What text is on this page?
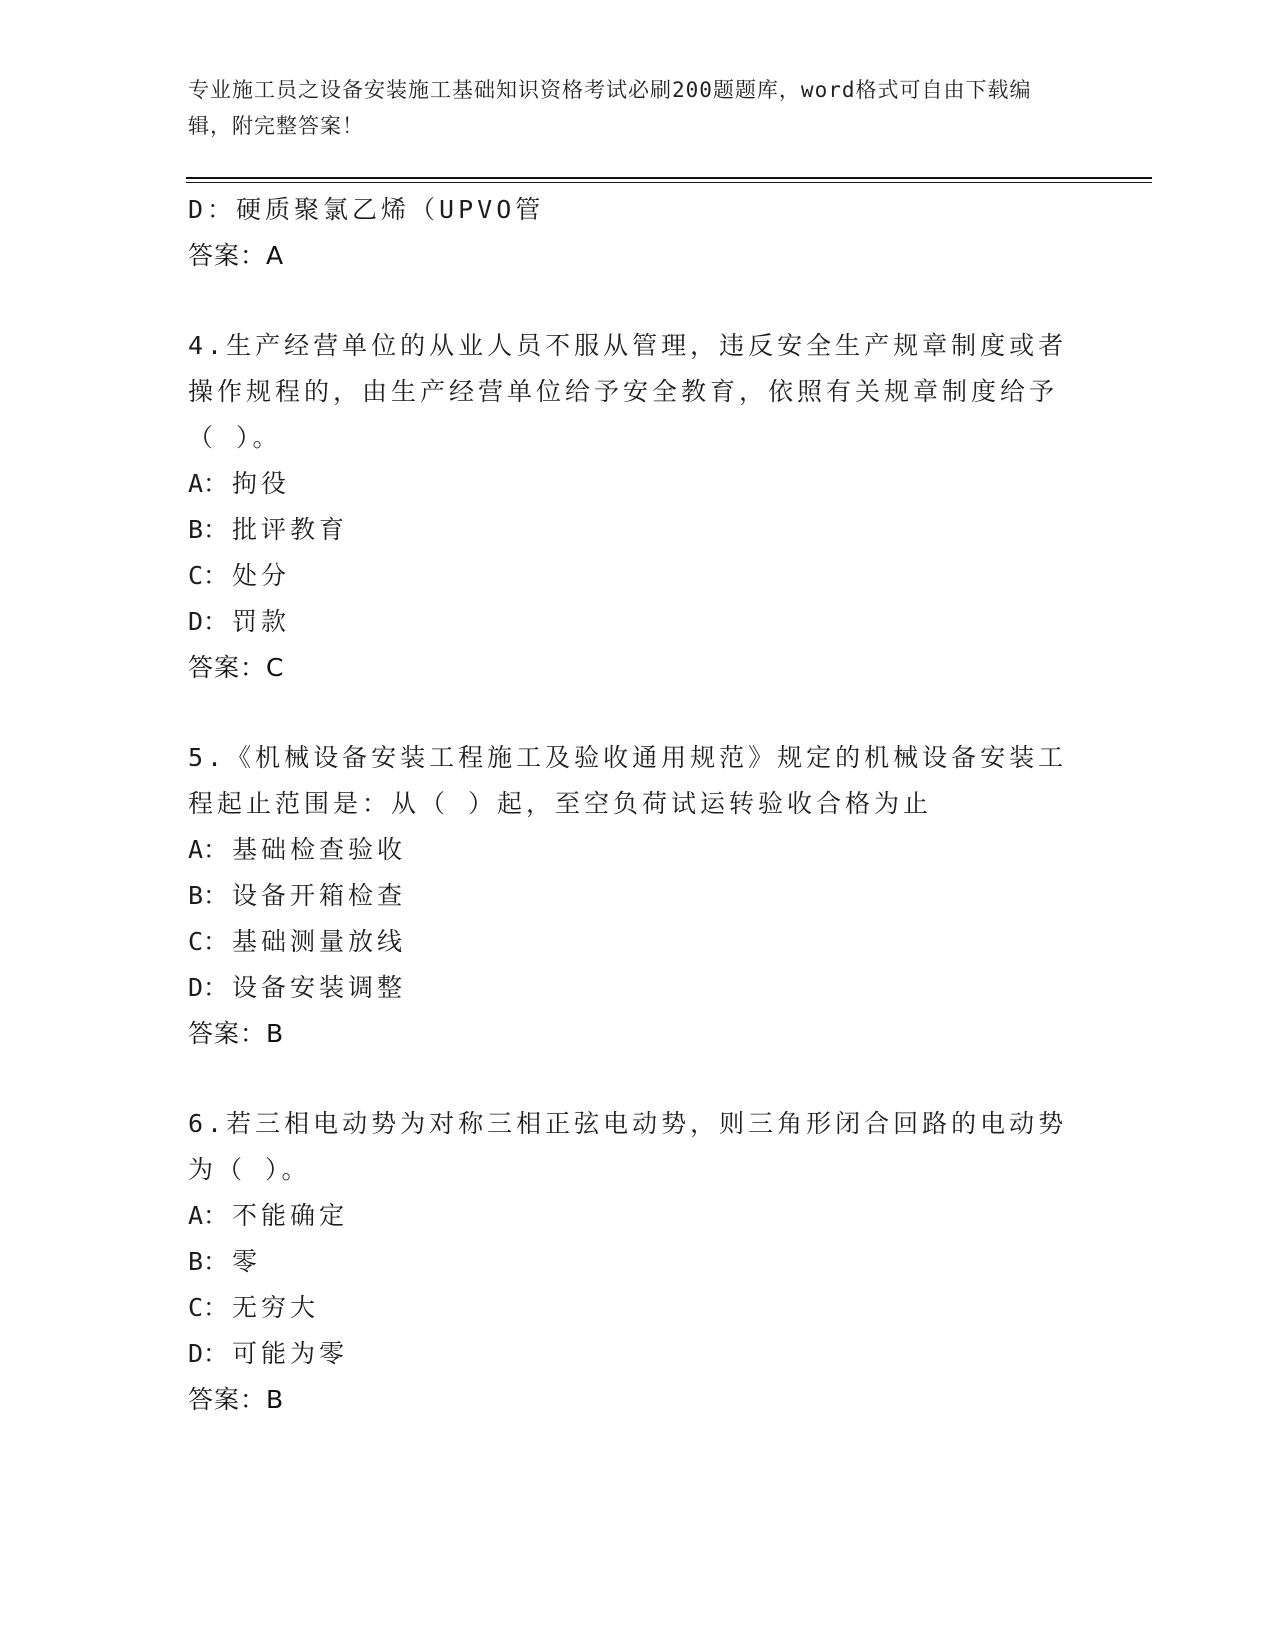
专业施工员之设备安装施工基础知识资格考试必刷200题题库，word格式可自由下载编辑，附完整答案！
D：硬质聚氯乙烯（UPVO管
答案：A

4.生产经营单位的从业人员不服从管理，违反安全生产规章制度或者操作规程的，由生产经营单位给予安全教育，依照有关规章制度给予（ ）。

A： 拘役
B： 批评教育
C： 处分
D： 罚款
答案：C

5.《机械设备安装工程施工及验收通用规范》规定的机械设备安装工程起止范围是：从（ ）起，至空负荷试运转验收合格为止

A： 基础检查验收
B： 设备开箱检查
C： 基础测量放线
D： 设备安装调整
答案：B

6.若三相电动势为对称三相正弦电动势，则三角形闭合回路的电动势为（ ）。

A： 不能确定
B： 零
C： 无穷大
D： 可能为零
答案：B
